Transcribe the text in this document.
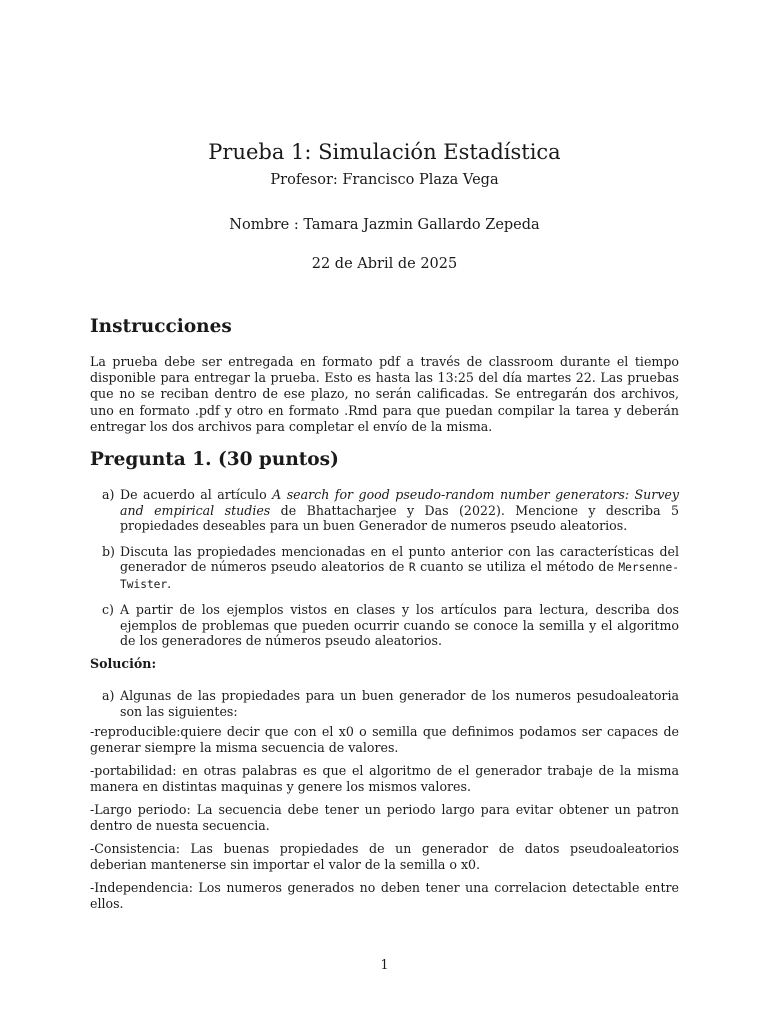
Prueba 1: Simulación Estadística
Profesor: Francisco Plaza Vega
Nombre : Tamara Jazmin Gallardo Zepeda
22 de Abril de 2025
Instrucciones

La prueba debe ser entregada en formato pdf a través de classroom durante el tiempo disponible para entregar la prueba. Esto es hasta las 13:25 del día martes 22. Las pruebas que no se reciban dentro de ese plazo, no serán calificadas. Se entregarán dos archivos, uno en formato .pdf y otro en formato .Rmd para que puedan compilar la tarea y deberán entregar los dos archivos para completar el envío de la misma.

Pregunta 1. (30 puntos)
a) De acuerdo al artículo A search for good pseudo-random number generators: Survey and empirical studies de Bhattacharjee y Das (2022). Mencione y describa 5 propiedades deseables para un buen Generador de numeros pseudo aleatorios.
b) Discuta las propiedades mencionadas en el punto anterior con las características del generador de números pseudo aleatorios de R cuanto se utiliza el método de Mersenne-Twister.
c) A partir de los ejemplos vistos en clases y los artículos para lectura, describa dos ejemplos de problemas que pueden ocurrir cuando se conoce la semilla y el algoritmo de los generadores de números pseudo aleatorios.
Solución:
a) Algunas de las propiedades para un buen generador de los numeros pesudoaleatoria son las siguientes:

-reproducible:quiere decir que con el x0 o semilla que definimos podamos ser capaces de generar siempre la misma secuencia de valores.

-portabilidad: en otras palabras es que el algoritmo de el generador trabaje de la misma manera en distintas maquinas y genere los mismos valores.

-Largo periodo: La secuencia debe tener un periodo largo para evitar obtener un patron dentro de nuesta secuencia.

-Consistencia: Las buenas propiedades de un generador de datos pseudoaleatorios deberian mantenerse sin importar el valor de la semilla o x0.

-Independencia: Los numeros generados no deben tener una correlacion detectable entre ellos.

1
